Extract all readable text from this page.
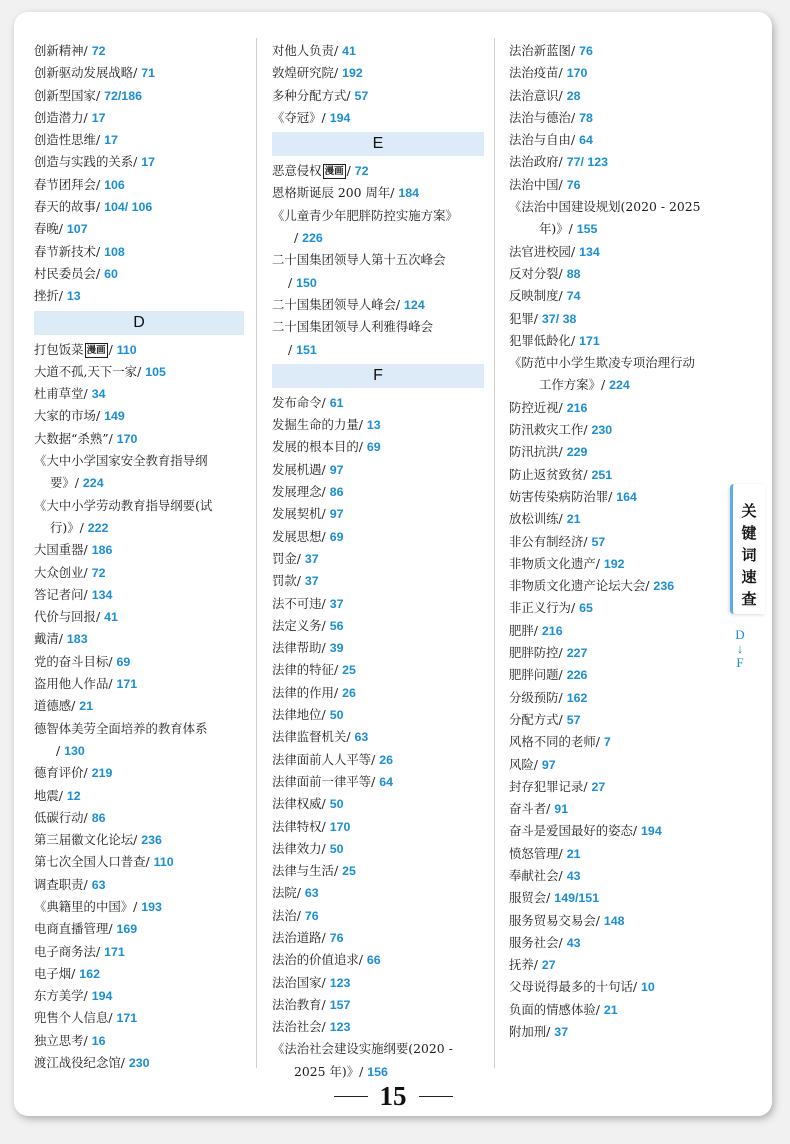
创新精神/ 72
创新驱动发展战略/ 71
创新型国家/ 72/186
创造潜力/ 17
创造性思维/ 17
创造与实践的关系/ 17
春节团拜会/ 106
春天的故事/ 104/ 106
春晚/ 107
春节新技术/ 108
村民委员会/ 60
挫折/ 13
D
打包饭菜 漫画 / 110
大道不孤,天下一家/ 105
杜甫草堂/ 34
大家的市场/ 149
大数据“杀熟”/ 170
《大中小学国家安全教育指导纲
要》/ 224
《大中小学劳动教育指导纲要(试
行)》/ 222
大国重器/ 186
大众创业/ 72
答记者问/ 134
代价与回报/ 41
戴清/ 183
党的奋斗目标/ 69
盗用他人作品/ 171
道德感/ 21
德智体美劳全面培养的教育体系
/ 130
德育评价/ 219
地震/ 12
低碳行动/ 86
第三届徽文化论坛/ 236
第七次全国人口普查/ 110
调查职责/ 63
《典籍里的中国》/ 193
电商直播管理/ 169
电子商务法/ 171
电子烟/ 162
东方美学/ 194
兜售个人信息/ 171
独立思考/ 16
渡江战役纪念馆/ 230
对他人负责/ 41
敦煌研究院/ 192
多种分配方式/ 57
《夺冠》/ 194
E
恶意侵权 漫画 / 72
恩格斯诞辰 200 周年/ 184
《儿童青少年肥胖防控实施方案》
/ 226
二十国集团领导人第十五次峰会
/ 150
二十国集团领导人峰会/ 124
二十国集团领导人利雅得峰会
/ 151
F
发布命令/ 61
发掘生命的力量/ 13
发展的根本目的/ 69
发展机遇/ 97
发展理念/ 86
发展契机/ 97
发展思想/ 69
罚金/ 37
罚款/ 37
法不可违/ 37
法定义务/ 56
法律帮助/ 39
法律的特征/ 25
法律的作用/ 26
法律地位/ 50
法律监督机关/ 63
法律面前人人平等/ 26
法律面前一律平等/ 64
法律权威/ 50
法律特权/ 170
法律效力/ 50
法律与生活/ 25
法院/ 63
法治/ 76
法治道路/ 76
法治的价值追求/ 66
法治国家/ 123
法治教育/ 157
法治社会/ 123
《法治社会建设实施纲要(2020 -
2025 年)》/ 156
法治新蓝图/ 76
法治疫苗/ 170
法治意识/ 28
法治与德治/ 78
法治与自由/ 64
法治政府/ 77/ 123
法治中国/ 76
《法治中国建设规划(2020 - 2025
年)》/ 155
法官进校园/ 134
反对分裂/ 88
反映制度/ 74
犯罪/ 37/ 38
犯罪低龄化/ 171
《防范中小学生欺凌专项治理行动
工作方案》/ 224
防控近视/ 216
防汛救灾工作/ 230
防汛抗洪/ 229
防止返贫致贫/ 251
妨害传染病防治罪/ 164
放松训练/ 21
非公有制经济/ 57
非物质文化遗产/ 192
非物质文化遗产论坛大会/ 236
非正义行为/ 65
肥胖/ 216
肥胖防控/ 227
肥胖问题/ 226
分级预防/ 162
分配方式/ 57
风格不同的老师/ 7
风险/ 97
封存犯罪记录/ 27
奋斗者/ 91
奋斗是爱国最好的姿态/ 194
愤怒管理/ 21
奉献社会/ 43
服贸会/ 149/151
服务贸易交易会/ 148
服务社会/ 43
抚养/ 27
父母说得最多的十句话/ 10
负面的情感体验/ 21
附加刑/ 37
15
关
键
词
速
查
D
↓
F
